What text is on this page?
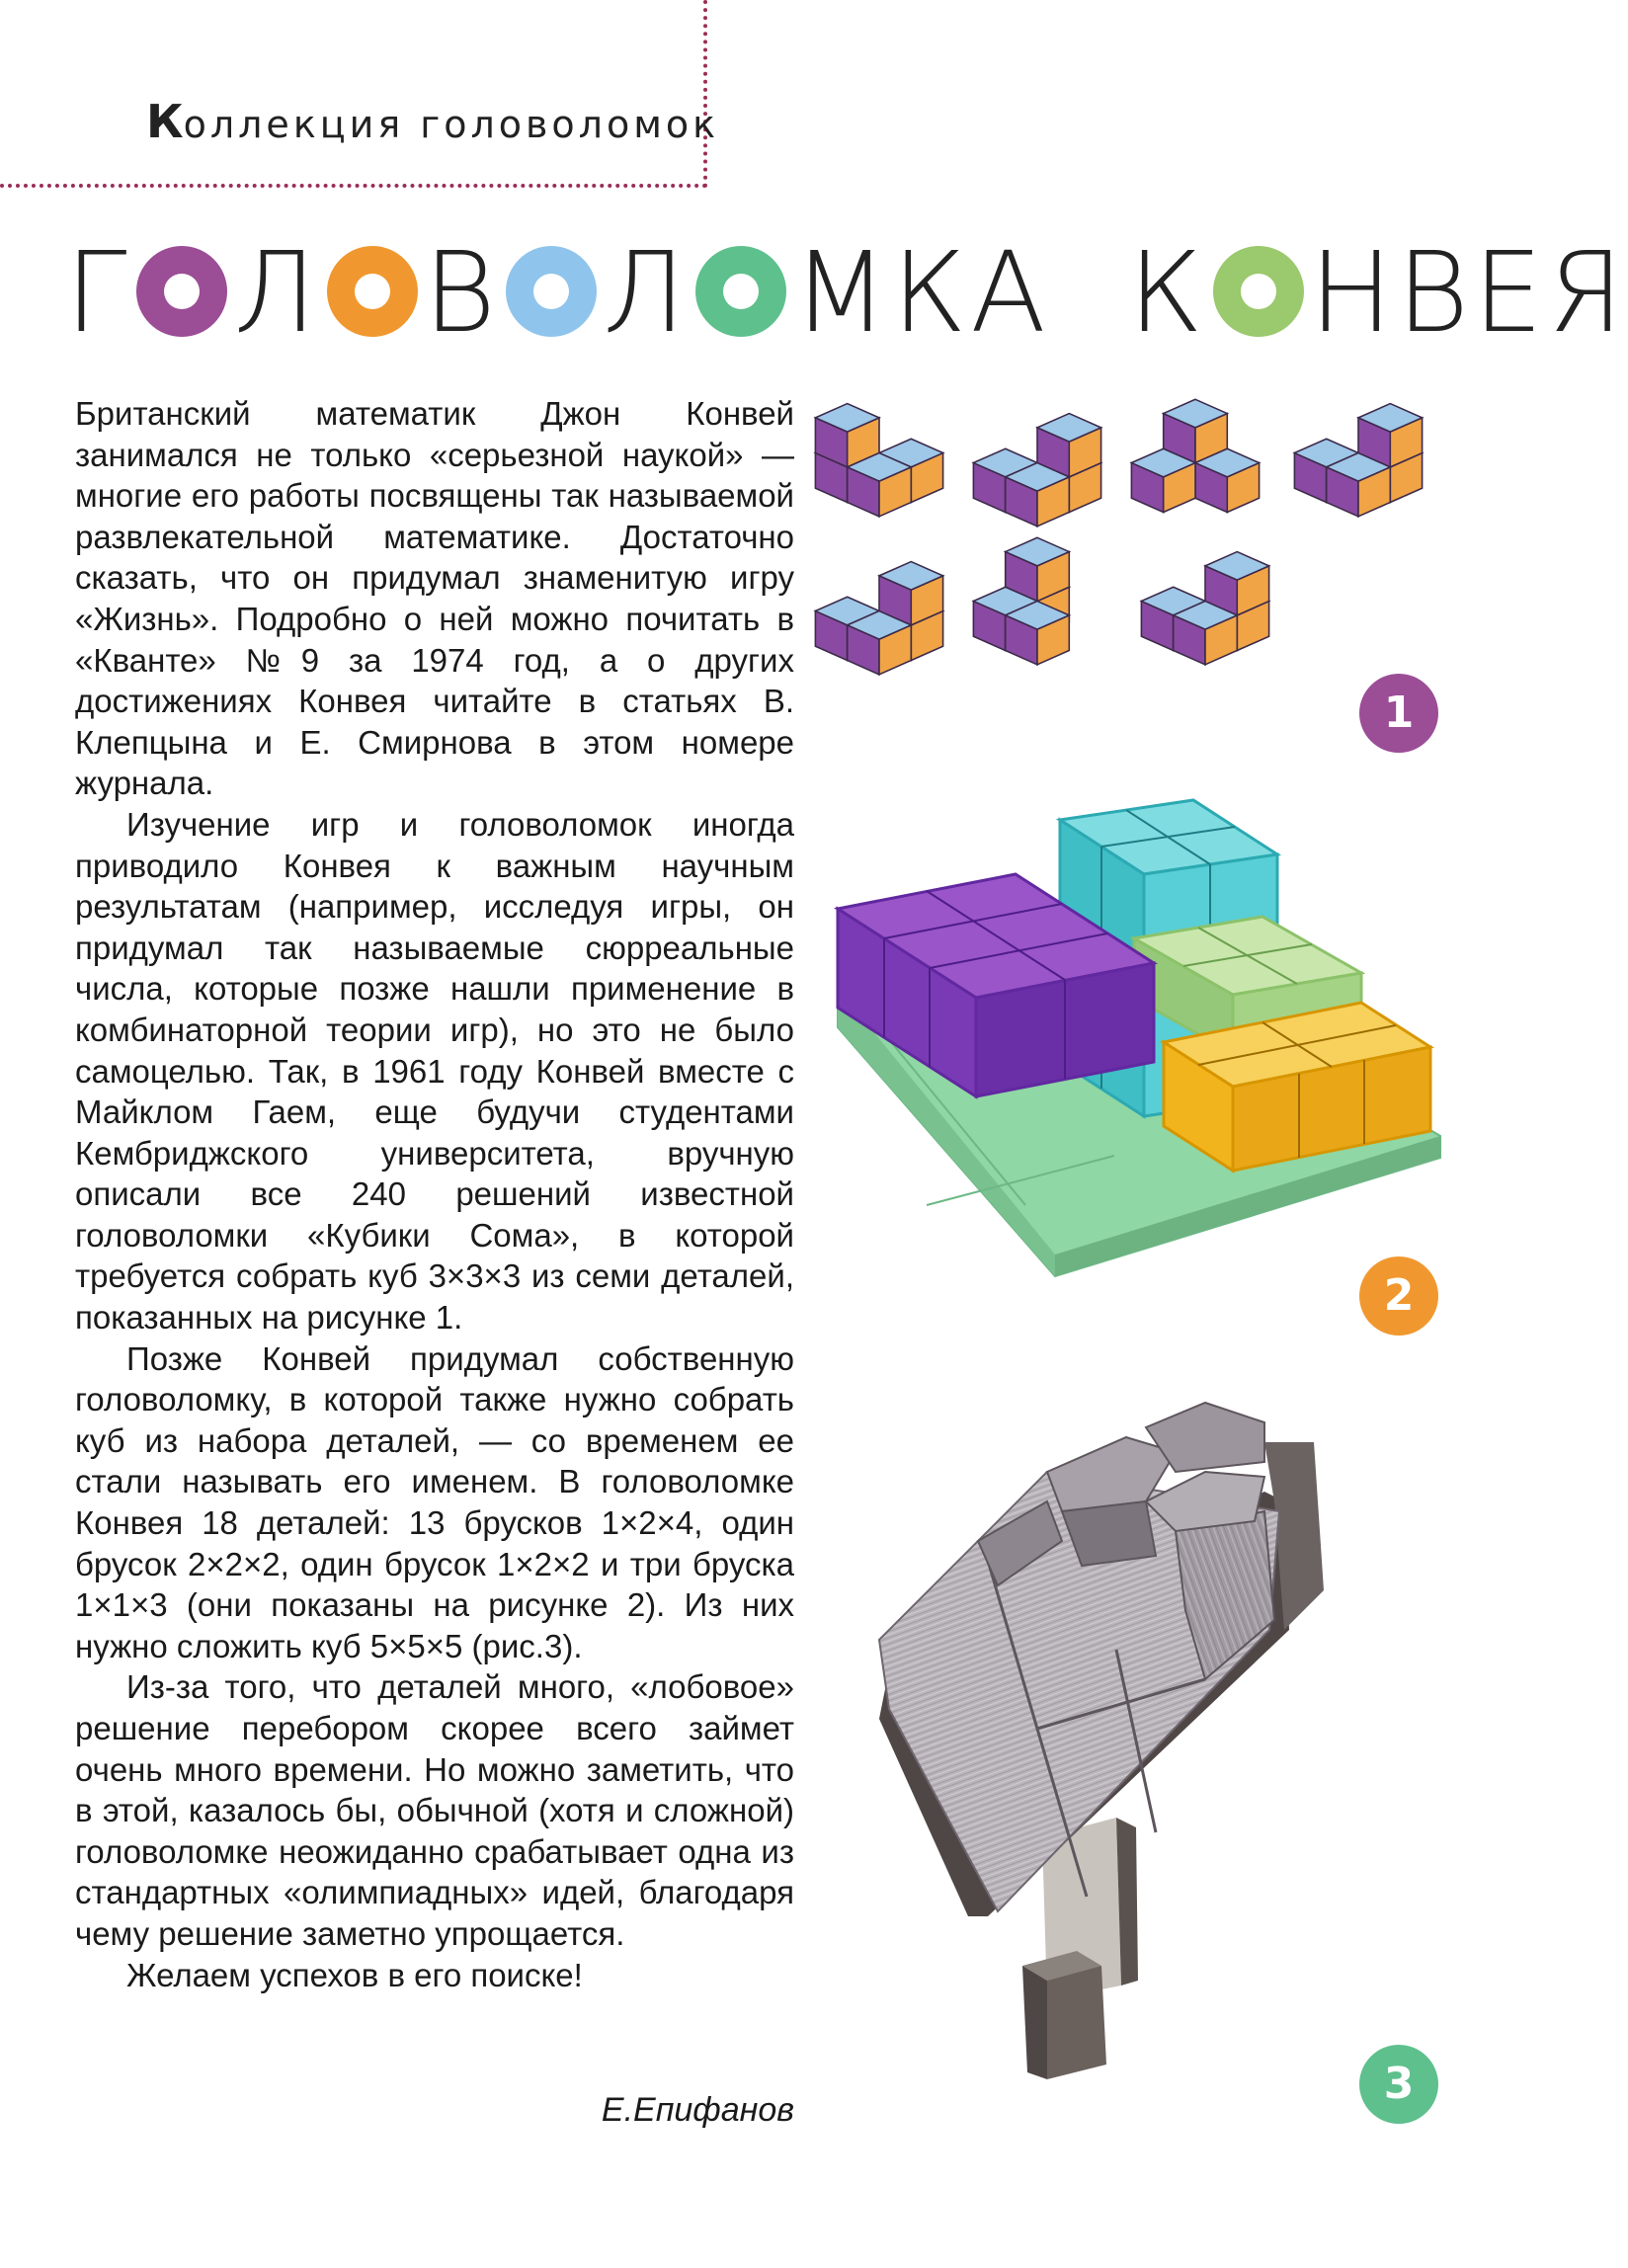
Коллекция головоломок
Г Л В Л МКА  К НВЕЯ

Британский математик Джон Конвей занимался не только «серьезной наукой» — многие его работы посвящены так называемой развлекательной математике. Достаточно сказать, что он придумал знаменитую игру «Жизнь». Подробно о ней можно почитать в «Кванте» №9 за 1974 год, а о других достижениях Конвея читайте в статьях В. Клепцына и Е. Смирнова в этом номере журнала.

Изучение игр и головоломок иногда приводило Конвея к важным научным результатам (например, исследуя игры, он придумал так называемые сюрреальные числа, которые позже нашли применение в комбинаторной теории игр), но это не было самоцелью. Так, в 1961 году Конвей вместе с Майклом Гаем, еще будучи студентами Кембриджского университета, вручную описали все 240 решений известной головоломки «Кубики Сома», в которой требуется собрать куб 3×3×3 из семи деталей, показанных на рисунке 1.

Позже Конвей придумал собственную головоломку, в которой также нужно собрать куб из набора деталей, — со временем ее стали называть его именем. В головоломке Конвея 18 деталей: 13 брусков 1×2×4, один брусок 2×2×2, один брусок 1×2×2 и три бруска 1×1×3 (они показаны на рисунке 2). Из них нужно сложить куб 5×5×5 (рис.3).

Из-за того, что деталей много, «лобовое» решение перебором скорее всего займет очень много времени. Но можно заметить, что в этой, казалось бы, обычной (хотя и сложной) головоломке неожиданно срабатывает одна из стандартных «олимпиадных» идей, благодаря чему решение заметно упрощается.

Желаем успехов в его поиске!

Е.Епифанов
1
2
3
